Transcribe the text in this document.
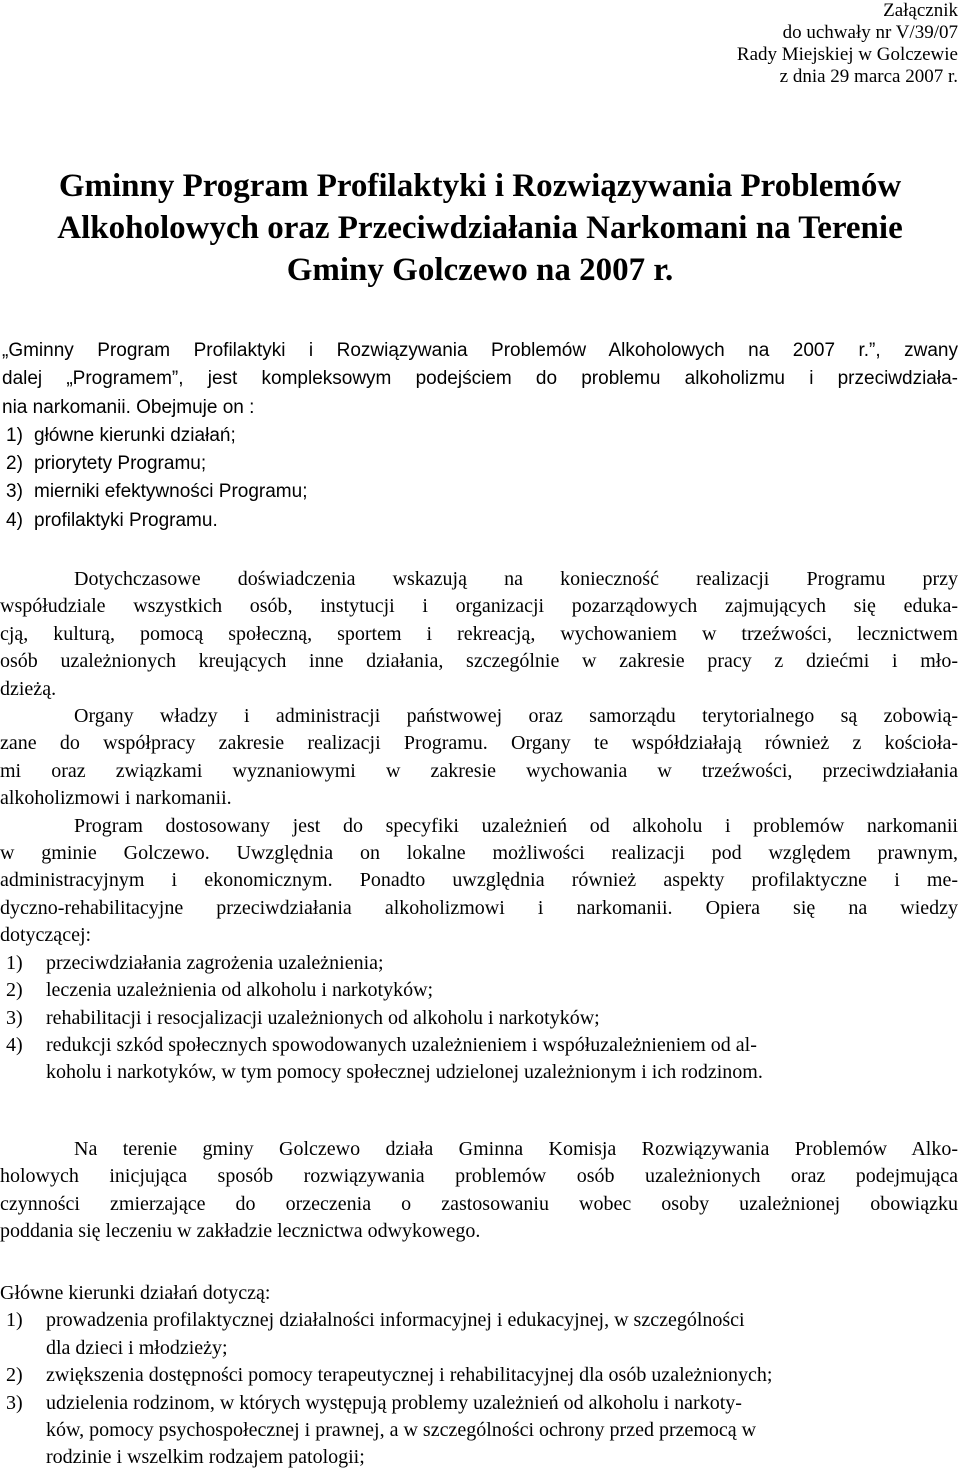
Załącznik
do uchwały nr V/39/07
Rady Miejskiej w Golczewie
z dnia 29 marca 2007 r.
Gminny Program Profilaktyki i Rozwiązywania Problemów
Alkoholowych oraz Przeciwdziałania Narkomani na Terenie
Gminy Golczewo na 2007 r.
„Gminny Program Profilaktyki i Rozwiązywania Problemów Alkoholowych na 2007 r.”, zwany
dalej „Programem”, jest kompleksowym podejściem do problemu alkoholizmu i przeciwdziała-
nia narkomanii. Obejmuje on :
1) główne kierunki działań;
2) priorytety Programu;
3) mierniki efektywności Programu;
4) profilaktyki Programu.
Dotychczasowe doświadczenia wskazują na konieczność realizacji Programu przy
współudziale wszystkich osób, instytucji i organizacji pozarządowych zajmujących się eduka-
cją, kulturą, pomocą społeczną, sportem i rekreacją, wychowaniem w trzeźwości, lecznictwem
osób uzależnionych kreujących inne działania, szczególnie w zakresie pracy z dziećmi i mło-
dzieżą.
Organy władzy i administracji państwowej oraz samorządu terytorialnego są zobowią-
zane do współpracy zakresie realizacji Programu. Organy te współdziałają również z kościoła-
mi oraz związkami wyznaniowymi w zakresie wychowania w trzeźwości, przeciwdziałania
alkoholizmowi i narkomanii.
Program dostosowany jest do specyfiki uzależnień od alkoholu i problemów narkomanii
w gminie Golczewo. Uwzględnia on lokalne możliwości realizacji pod względem prawnym,
administracyjnym i ekonomicznym. Ponadto uwzględnia również aspekty profilaktyczne i me-
dyczno-rehabilitacyjne przeciwdziałania alkoholizmowi i narkomanii. Opiera się na wiedzy
dotyczącej:
1) przeciwdziałania zagrożenia uzależnienia;
2) leczenia uzależnienia od alkoholu i narkotyków;
3) rehabilitacji i resocjalizacji uzależnionych od alkoholu i narkotyków;
4) redukcji szkód społecznych spowodowanych uzależnieniem i współuzależnieniem od al-
koholu i narkotyków, w tym pomocy społecznej udzielonej uzależnionym i ich rodzinom.
Na terenie gminy Golczewo działa Gminna Komisja Rozwiązywania Problemów Alko-
holowych inicjująca sposób rozwiązywania problemów osób uzależnionych oraz podejmująca
czynności zmierzające do orzeczenia o zastosowaniu wobec osoby uzależnionej obowiązku
poddania się leczeniu w zakładzie lecznictwa odwykowego.
Główne kierunki działań dotyczą:
1) prowadzenia profilaktycznej działalności informacyjnej i edukacyjnej, w szczególności
dla dzieci i młodzieży;
2) zwiększenia dostępności pomocy terapeutycznej i rehabilitacyjnej dla osób uzależnionych;
3) udzielenia rodzinom, w których występują problemy uzależnień od alkoholu i narkoty-
ków, pomocy psychospołecznej i prawnej, a w szczególności ochrony przed przemocą w
rodzinie i wszelkim rodzajem patologii;
